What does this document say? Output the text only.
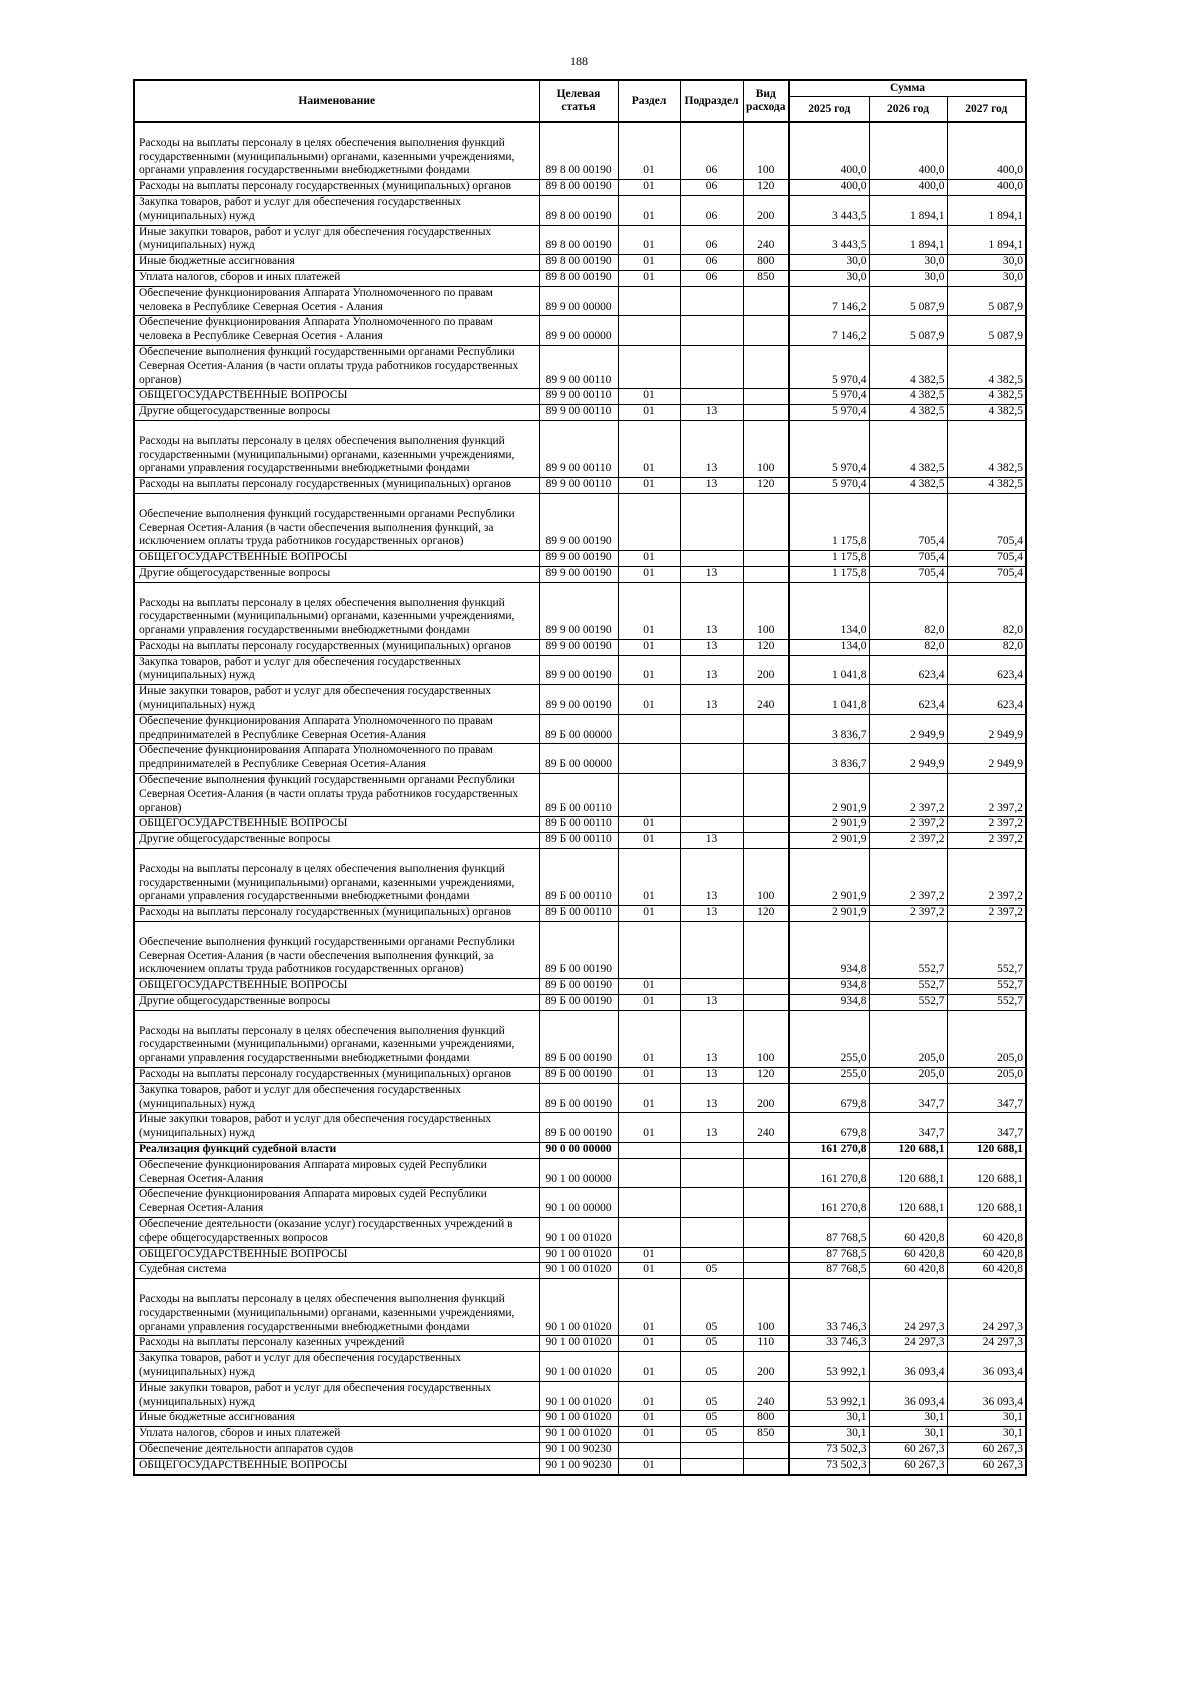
188
Наименование	Целевая статья	Раздел	Подраздел	Вид расхода	Сумма		
					2025 год	2026 год	2027 год
Расходы на выплаты персоналу в целях обеспечения выполнения функций государственными (муниципальными) органами, казенными учреждениями, органами управления государственными внебюджетными фондами	89 8 00 00190	01	06	100	400,0	400,0	400,0
Расходы на выплаты персоналу государственных (муниципальных) органов	89 8 00 00190	01	06	120	400,0	400,0	400,0
Закупка товаров, работ и услуг для обеспечения государственных (муниципальных) нужд	89 8 00 00190	01	06	200	3 443,5	1 894,1	1 894,1
Иные закупки товаров, работ и услуг для обеспечения государственных (муниципальных) нужд	89 8 00 00190	01	06	240	3 443,5	1 894,1	1 894,1
Иные бюджетные ассигнования	89 8 00 00190	01	06	800	30,0	30,0	30,0
Уплата налогов, сборов и иных платежей	89 8 00 00190	01	06	850	30,0	30,0	30,0
Обеспечение функционирования Аппарата Уполномоченного по правам человека в Республике Северная Осетия - Алания	89 9 00 00000				7 146,2	5 087,9	5 087,9
Обеспечение функционирования Аппарата Уполномоченного по правам человека в Республике Северная Осетия - Алания	89 9 00 00000				7 146,2	5 087,9	5 087,9
Обеспечение выполнения функций государственными органами Республики Северная Осетия-Алания (в части оплаты труда работников государственных органов)	89 9 00 00110				5 970,4	4 382,5	4 382,5
ОБЩЕГОСУДАРСТВЕННЫЕ ВОПРОСЫ	89 9 00 00110	01			5 970,4	4 382,5	4 382,5
Другие общегосударственные вопросы	89 9 00 00110	01	13		5 970,4	4 382,5	4 382,5
Расходы на выплаты персоналу в целях обеспечения выполнения функций государственными (муниципальными) органами, казенными учреждениями, органами управления государственными внебюджетными фондами	89 9 00 00110	01	13	100	5 970,4	4 382,5	4 382,5
Расходы на выплаты персоналу государственных (муниципальных) органов	89 9 00 00110	01	13	120	5 970,4	4 382,5	4 382,5
Обеспечение выполнения функций государственными органами Республики Северная Осетия-Алания (в части обеспечения выполнения функций, за исключением оплаты труда работников государственных органов)	89 9 00 00190				1 175,8	705,4	705,4
ОБЩЕГОСУДАРСТВЕННЫЕ ВОПРОСЫ	89 9 00 00190	01			1 175,8	705,4	705,4
Другие общегосударственные вопросы	89 9 00 00190	01	13		1 175,8	705,4	705,4
Расходы на выплаты персоналу в целях обеспечения выполнения функций государственными (муниципальными) органами, казенными учреждениями, органами управления государственными внебюджетными фондами	89 9 00 00190	01	13	100	134,0	82,0	82,0
Расходы на выплаты персоналу государственных (муниципальных) органов	89 9 00 00190	01	13	120	134,0	82,0	82,0
Закупка товаров, работ и услуг для обеспечения государственных (муниципальных) нужд	89 9 00 00190	01	13	200	1 041,8	623,4	623,4
Иные закупки товаров, работ и услуг для обеспечения государственных (муниципальных) нужд	89 9 00 00190	01	13	240	1 041,8	623,4	623,4
Обеспечение функционирования Аппарата Уполномоченного по правам предпринимателей в Республике Северная Осетия-Алания	89 Б 00 00000				3 836,7	2 949,9	2 949,9
Обеспечение функционирования Аппарата Уполномоченного по правам предпринимателей в Республике Северная Осетия-Алания	89 Б 00 00000				3 836,7	2 949,9	2 949,9
Обеспечение выполнения функций государственными органами Республики Северная Осетия-Алания (в части оплаты труда работников государственных органов)	89 Б 00 00110				2 901,9	2 397,2	2 397,2
ОБЩЕГОСУДАРСТВЕННЫЕ ВОПРОСЫ	89 Б 00 00110	01			2 901,9	2 397,2	2 397,2
Другие общегосударственные вопросы	89 Б 00 00110	01	13		2 901,9	2 397,2	2 397,2
Расходы на выплаты персоналу в целях обеспечения выполнения функций государственными (муниципальными) органами, казенными учреждениями, органами управления государственными внебюджетными фондами	89 Б 00 00110	01	13	100	2 901,9	2 397,2	2 397,2
Расходы на выплаты персоналу государственных (муниципальных) органов	89 Б 00 00110	01	13	120	2 901,9	2 397,2	2 397,2
Обеспечение выполнения функций государственными органами Республики Северная Осетия-Алания (в части обеспечения выполнения функций, за исключением оплаты труда работников государственных органов)	89 Б 00 00190				934,8	552,7	552,7
ОБЩЕГОСУДАРСТВЕННЫЕ ВОПРОСЫ	89 Б 00 00190	01			934,8	552,7	552,7
Другие общегосударственные вопросы	89 Б 00 00190	01	13		934,8	552,7	552,7
Расходы на выплаты персоналу в целях обеспечения выполнения функций государственными (муниципальными) органами, казенными учреждениями, органами управления государственными внебюджетными фондами	89 Б 00 00190	01	13	100	255,0	205,0	205,0
Расходы на выплаты персоналу государственных (муниципальных) органов	89 Б 00 00190	01	13	120	255,0	205,0	205,0
Закупка товаров, работ и услуг для обеспечения государственных (муниципальных) нужд	89 Б 00 00190	01	13	200	679,8	347,7	347,7
Иные закупки товаров, работ и услуг для обеспечения государственных (муниципальных) нужд	89 Б 00 00190	01	13	240	679,8	347,7	347,7
Реализация функций судебной власти	90 0 00 00000				161 270,8	120 688,1	120 688,1
Обеспечение функционирования Аппарата мировых судей Республики Северная Осетия-Алания	90 1 00 00000				161 270,8	120 688,1	120 688,1
Обеспечение функционирования Аппарата мировых судей Республики Северная Осетия-Алания	90 1 00 00000				161 270,8	120 688,1	120 688,1
Обеспечение деятельности (оказание услуг) государственных учреждений в сфере общегосударственных вопросов	90 1 00 01020				87 768,5	60 420,8	60 420,8
ОБЩЕГОСУДАРСТВЕННЫЕ ВОПРОСЫ	90 1 00 01020	01			87 768,5	60 420,8	60 420,8
Судебная система	90 1 00 01020	01	05		87 768,5	60 420,8	60 420,8
Расходы на выплаты персоналу в целях обеспечения выполнения функций государственными (муниципальными) органами, казенными учреждениями, органами управления государственными внебюджетными фондами	90 1 00 01020	01	05	100	33 746,3	24 297,3	24 297,3
Расходы на выплаты персоналу казенных учреждений	90 1 00 01020	01	05	110	33 746,3	24 297,3	24 297,3
Закупка товаров, работ и услуг для обеспечения государственных (муниципальных) нужд	90 1 00 01020	01	05	200	53 992,1	36 093,4	36 093,4
Иные закупки товаров, работ и услуг для обеспечения государственных (муниципальных) нужд	90 1 00 01020	01	05	240	53 992,1	36 093,4	36 093,4
Иные бюджетные ассигнования	90 1 00 01020	01	05	800	30,1	30,1	30,1
Уплата налогов, сборов и иных платежей	90 1 00 01020	01	05	850	30,1	30,1	30,1
Обеспечение деятельности аппаратов судов	90 1 00 90230				73 502,3	60 267,3	60 267,3
ОБЩЕГОСУДАРСТВЕННЫЕ ВОПРОСЫ	90 1 00 90230	01			73 502,3	60 267,3	60 267,3
